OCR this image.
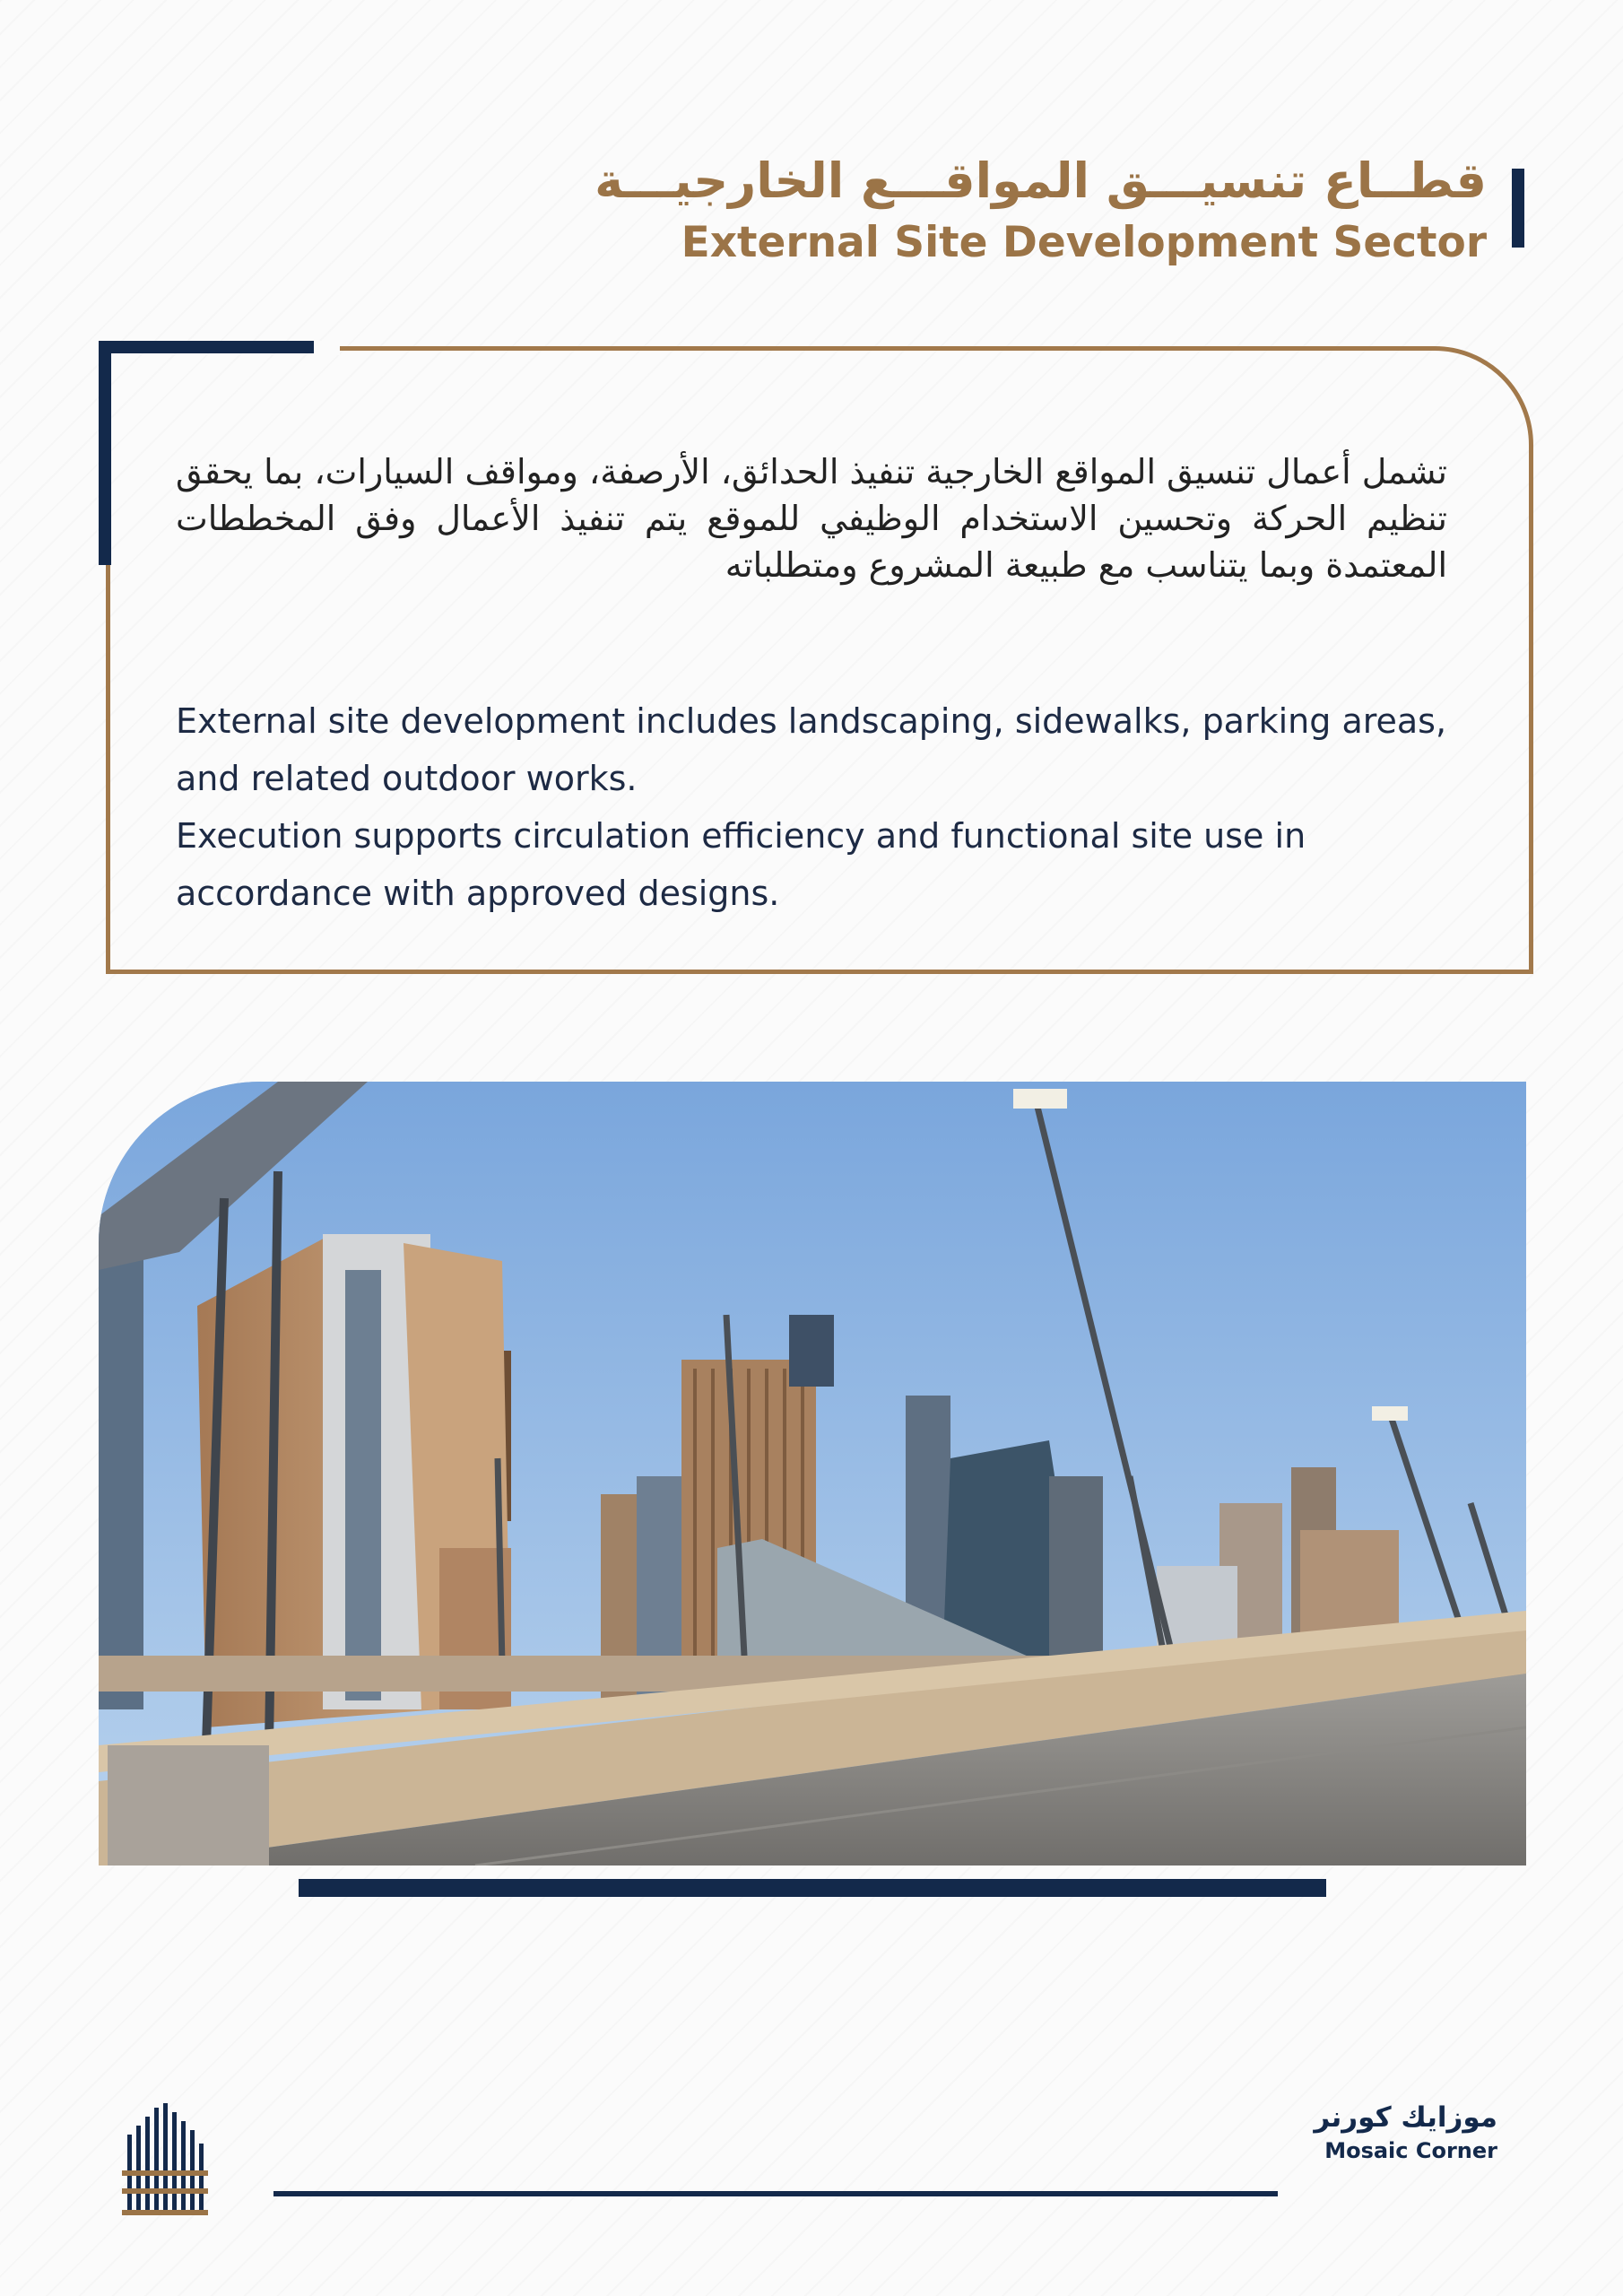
قطــاع تنسيـــق المواقـــع الخارجيـــة
External Site Development Sector
تشمل أعمال تنسيق المواقع الخارجية تنفيذ الحدائق، الأرصفة، ومواقف السيارات، بما يحقق تنظيم الحركة وتحسين الاستخدام الوظيفي للموقع يتم تنفيذ الأعمال وفق المخططات المعتمدة وبما يتناسب مع طبيعة المشروع ومتطلباته
External site development includes landscaping, sidewalks, parking areas, and related outdoor works.
Execution supports circulation efficiency and functional site use in accordance with approved designs.
موزايك كورنر
Mosaic Corner
